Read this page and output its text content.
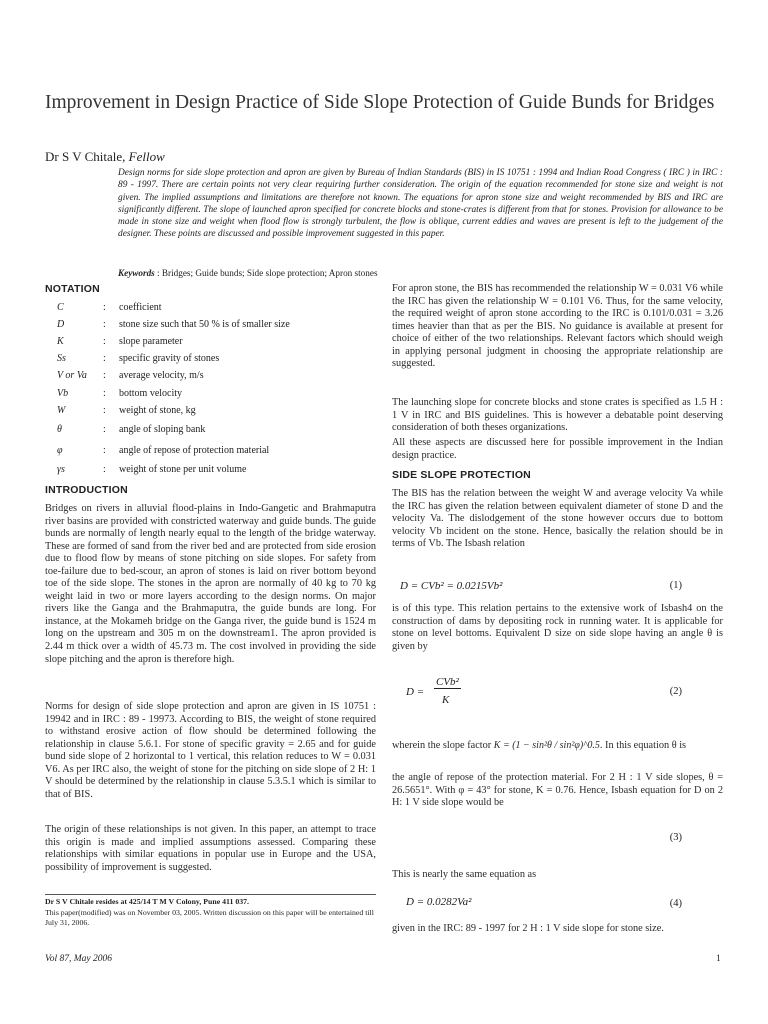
Improvement in Design Practice of Side Slope Protection of Guide Bunds for Bridges
Dr S V Chitale, Fellow
Design norms for side slope protection and apron are given by Bureau of Indian Standards (BIS) in IS 10751 : 1994 and Indian Road Congress ( IRC ) in IRC : 89 - 1997. There are certain points not very clear requiring further consideration. The origin of the equation recommended for stone size and weight is not given. The implied assumptions and limitations are therefore not known. The equations for apron stone size and weight recommended by BIS and IRC are significantly different. The slope of launched apron specified for concrete blocks and stone-crates is different from that for stones. Provision for allowance to be made in stone size and weight when flood flow is strongly turbulent, the flow is oblique, current eddies and waves are present is left to the judgement of the designer. These points are discussed and possible improvement suggested in this paper.
Keywords : Bridges; Guide bunds; Side slope protection; Apron stones
NOTATION
C	: coefficient
D	: stone size such that 50 % is of smaller size
K	: slope parameter
Ss	: specific gravity of stones
V or Va : average velocity, m/s
Vb	: bottom velocity
W	: weight of stone, kg
θ	: angle of sloping bank
φ	: angle of repose of protection material
γs	: weight of stone per unit volume
INTRODUCTION
Bridges on rivers in alluvial flood-plains in Indo-Gangetic and Brahmaputra river basins are provided with constricted waterway and guide bunds. The guide bunds are normally of length nearly equal to the length of the bridge waterway. These are formed of sand from the river bed and are protected from side erosion due to flood flow by means of stone pitching on side slopes. For safety from toe-failure due to bed-scour, an apron of stones is laid on river bottom beyond toe of the side slope. The stones in the apron are normally of 40 kg to 70 kg weight laid in two or more layers according to the design norms. On major rivers like the Ganga and the Brahmaputra, the guide bunds are long. For instance, at the Mokameh bridge on the Ganga river, the guide bund is 1524 m long on the upstream and 305 m on the downstream1. The apron provided is 2.44 m thick over a width of 45.73 m. The cost involved in providing the side slope pitching and the apron is therefore high.
Norms for design of side slope protection and apron are given in IS 10751 : 19942 and in IRC : 89 - 19973. According to BIS, the weight of stone required to withstand erosive action of flow should be determined following the relationship in clause 5.6.1. For stone of specific gravity = 2.65 and for guide bund side slope of 2 horizontal to 1 vertical, this relation reduces to W = 0.031 V6. As per IRC also, the weight of stone for the pitching on side slope of 2 H: 1 V should be determined by the relationship in clause 5.3.5.1 which is similar to that of BIS.
The origin of these relationships is not given. In this paper, an attempt to trace this origin is made and implied assumptions assessed. Comparing these relationships with similar equations in popular use in Europe and the USA, possibility of improvement is suggested.
Dr S V Chitale resides at 425/14 T M V Colony, Pune 411 037.
This paper(modified) was on November 03, 2005. Written discussion on this paper will be entertained till July 31, 2006.
For apron stone, the BIS has recommended the relationship W = 0.031 V6 while the IRC has given the relationship W = 0.101 V6. Thus, for the same velocity, the required weight of apron stone according to the IRC is 0.101/0.031 = 3.26 times heavier than that as per the BIS. No guidance is available at present for choice of either of the two relationships. Relevant factors which should weigh in applying personal judgment in choosing the appropriate relationship are suggested.
The launching slope for concrete blocks and stone crates is specified as 1.5 H : 1 V in IRC and BIS guidelines. This is however a debatable point deserving consideration of both theses organizations.
All these aspects are discussed here for possible improvement in the Indian design practice.
SIDE SLOPE PROTECTION
The BIS has the relation between the weight W and average velocity Va while the IRC has given the relation between equivalent diameter of stone D and the velocity Va. The dislodgement of the stone however occurs due to bottom velocity Vb incident on the stone. Hence, basically the relation should be in terms of Vb. The Isbash relation
D = CVb² = 0.0215Vb²	(1)
is of this type. This relation pertains to the extensive work of Isbash4 on the construction of dams by depositing rock in running water. It is applicable for stone on level bottoms. Equivalent D size on side slope having an angle θ is given by
D =
CVb²
K
(2)
wherein the slope factor K = (1 − sin²θ / sin²φ)^0.5. In this equation θ is
the angle of repose of the protection material. For 2 H : 1 V side slopes, θ = 26.5651°. With φ = 43° for stone, K = 0.76. Hence, Isbash equation for D on 2 H: 1 V side slope would be
(3)
This is nearly the same equation as
D = 0.0282Va²	(4)
given in the IRC: 89 - 1997 for 2 H : 1 V side slope for stone size.
Vol 87, May 2006	1
